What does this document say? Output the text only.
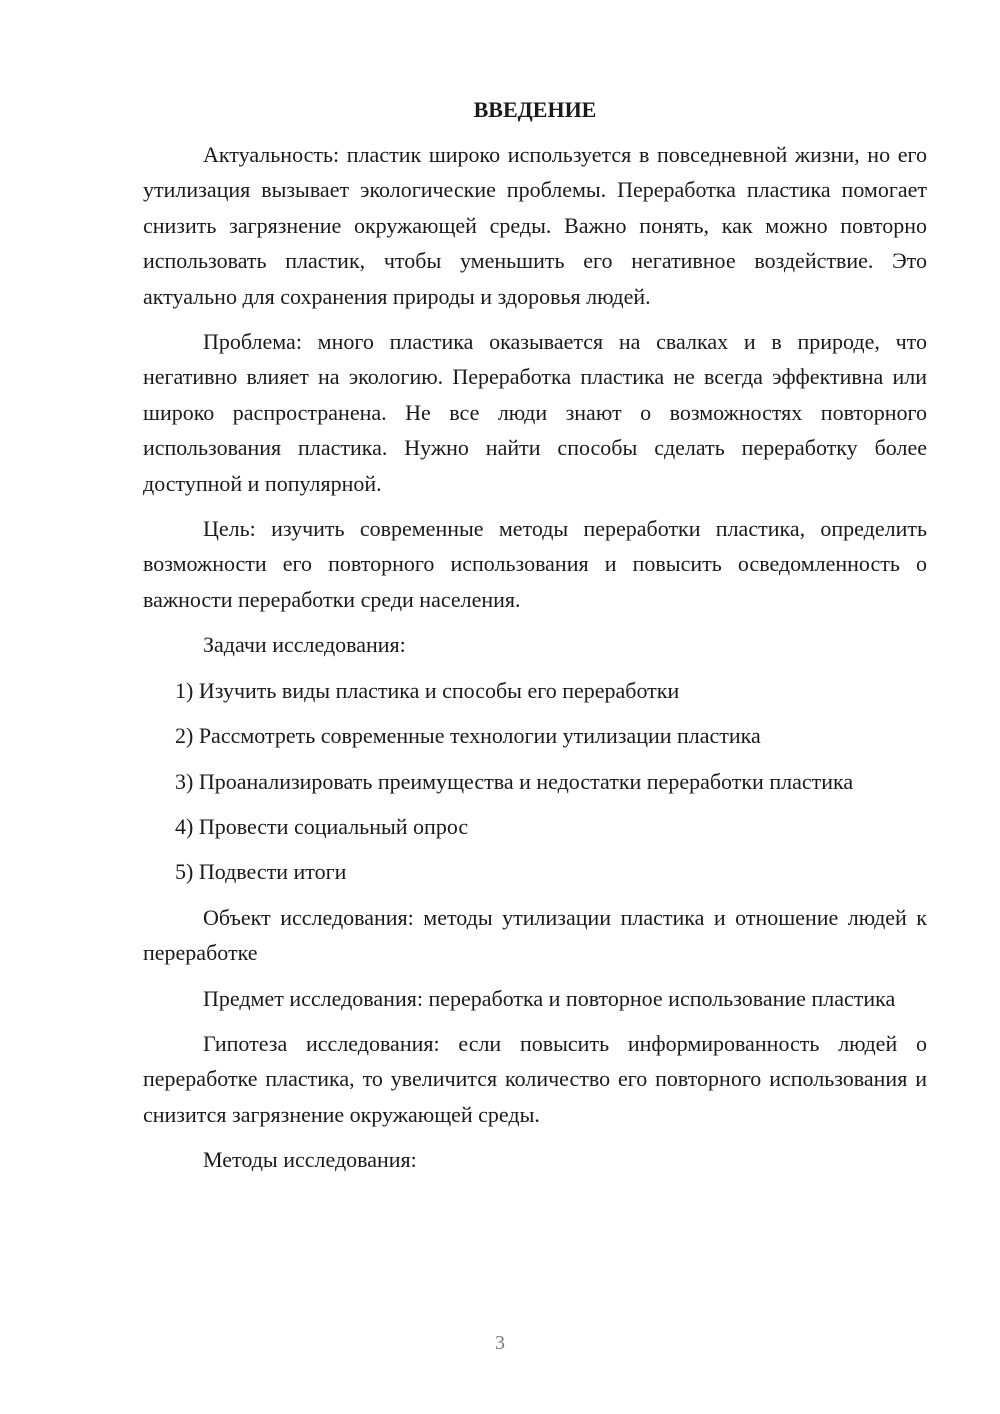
ВВЕДЕНИЕ

Актуальность: пластик широко используется в повседневной жизни, но его утилизация вызывает экологические проблемы. Переработка пластика помогает снизить загрязнение окружающей среды. Важно понять, как можно повторно использовать пластик, чтобы уменьшить его негативное воздействие. Это актуально для сохранения природы и здоровья людей.

Проблема: много пластика оказывается на свалках и в природе, что негативно влияет на экологию. Переработка пластика не всегда эффективна или широко распространена. Не все люди знают о возможностях повторного использования пластика. Нужно найти способы сделать переработку более доступной и популярной.

Цель: изучить современные методы переработки пластика, определить возможности его повторного использования и повысить осведомленность о важности переработки среди населения.

Задачи исследования:

1) Изучить виды пластика и способы его переработки

2) Рассмотреть современные технологии утилизации пластика

3) Проанализировать преимущества и недостатки переработки пластика

4) Провести социальный опрос

5) Подвести итоги

Объект исследования: методы утилизации пластика и отношение людей к переработке

Предмет исследования: переработка и повторное использование пластика

Гипотеза исследования: если повысить информированность людей о переработке пластика, то увеличится количество его повторного использования и снизится загрязнение окружающей среды.

Методы исследования:

3
